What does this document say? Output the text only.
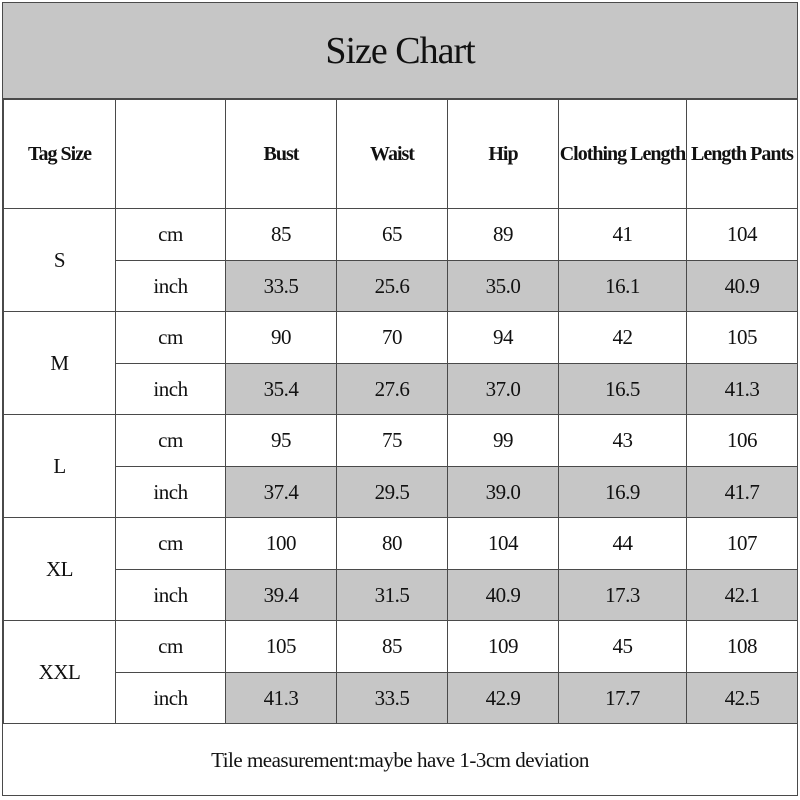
Size Chart
Tag Size		Bust	Waist	Hip	Clothing Length	Length Pants
S	cm	85	65	89	41	104
	inch	33.5	25.6	35.0	16.1	40.9
M	cm	90	70	94	42	105
	inch	35.4	27.6	37.0	16.5	41.3
L	cm	95	75	99	43	106
	inch	37.4	29.5	39.0	16.9	41.7
XL	cm	100	80	104	44	107
	inch	39.4	31.5	40.9	17.3	42.1
XXL	cm	105	85	109	45	108
	inch	41.3	33.5	42.9	17.7	42.5
Tile measurement:maybe have 1-3cm deviation
